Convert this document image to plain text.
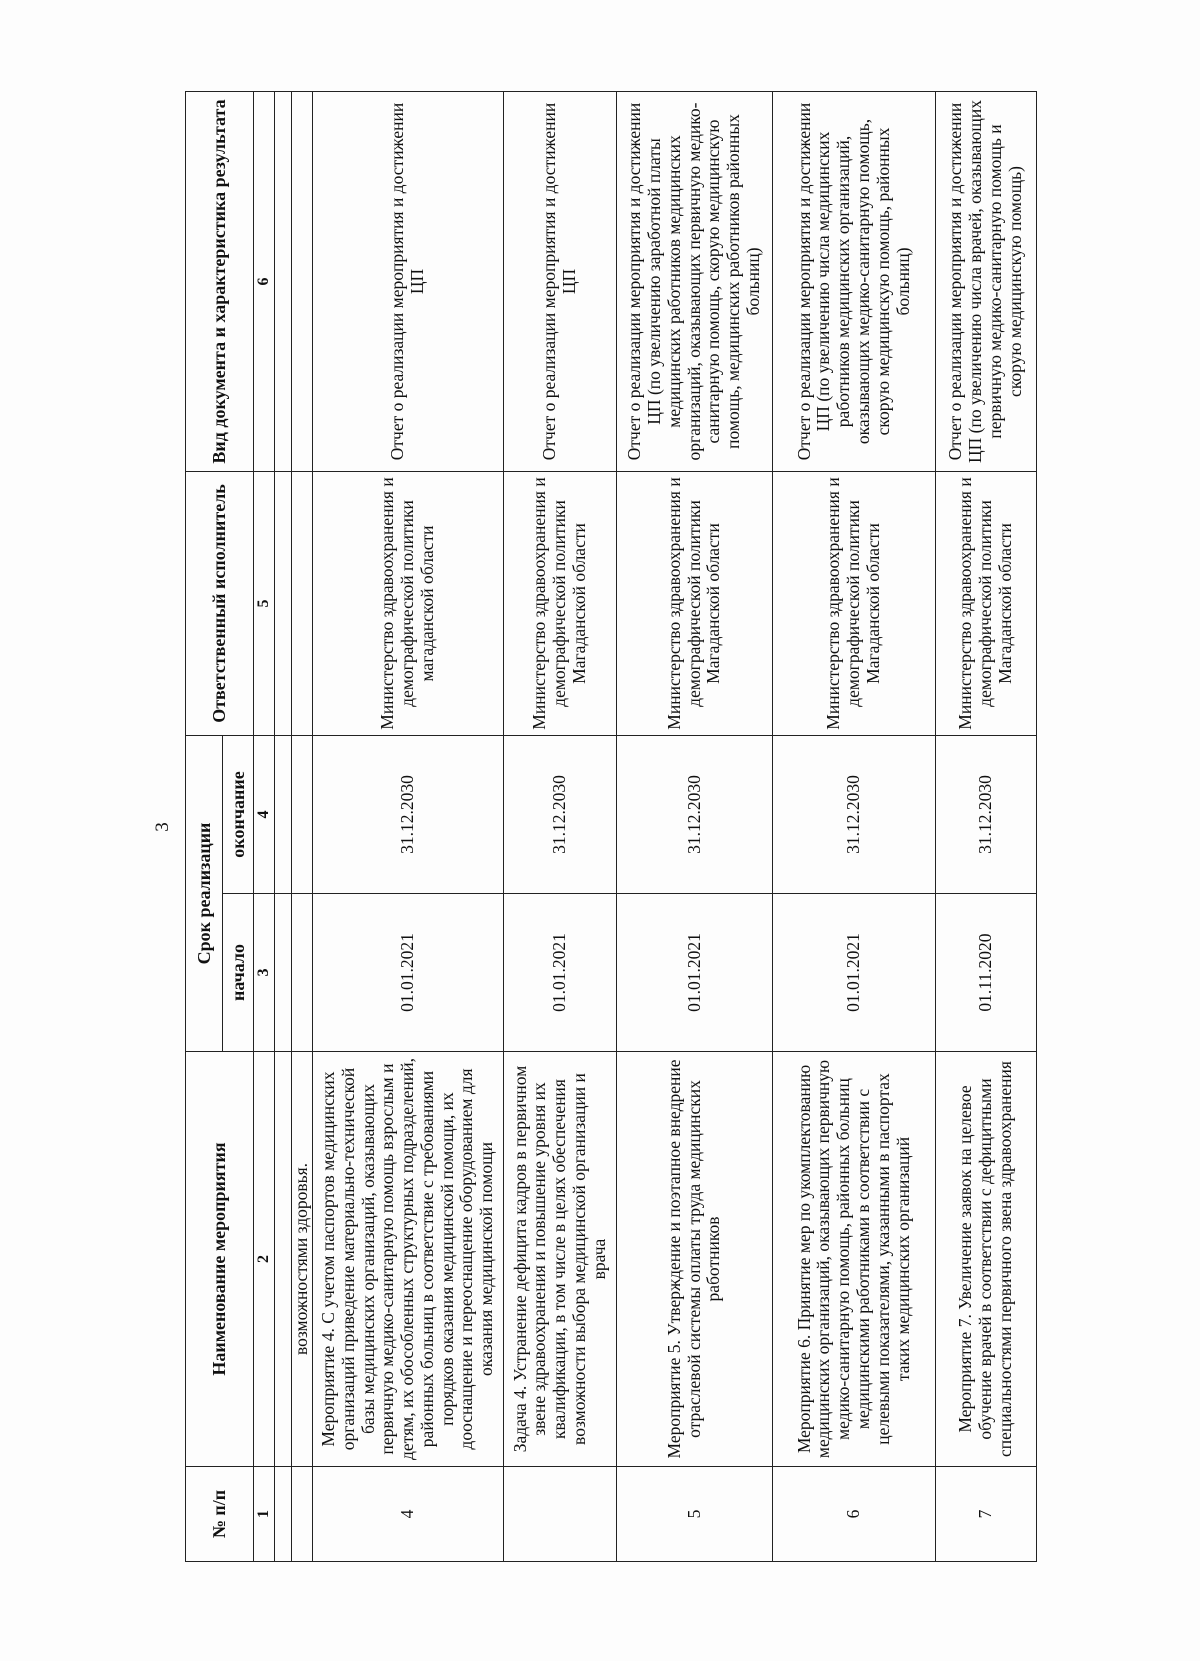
3
№ п/п	Наименование мероприятия	Срок реализации		Ответственный исполнитель	Вид документа и характеристика результата
		начало	окончание		
1	2	3	4	5	6

	возможностями здоровья.				
4	Мероприятие 4. С учетом паспортов медицинских организаций приведение материально-технической базы медицинских организаций, оказывающих первичную медико-санитарную помощь взрослым и детям, их обособленных структурных подразделений, районных больниц в соответствие с требованиями порядков оказания медицинской помощи, их дооснащение и переоснащение оборудованием для оказания медицинской помощи	01.01.2021	31.12.2030	Министерство здравоохранения и демографической политики магаданской области	Отчет о реализации мероприятия и достижении ЦП
	Задача 4. Устранение дефицита кадров в первичном звене здравоохранения и повышение уровня их квалификации, в том числе в целях обеспечения возможности выбора медицинской организации и врача	01.01.2021	31.12.2030	Министерство здравоохранения и демографической политики Магаданской области	Отчет о реализации мероприятия и достижении ЦП
5	Мероприятие 5. Утверждение и поэтапное внедрение отраслевой системы оплаты труда медицинских работников	01.01.2021	31.12.2030	Министерство здравоохранения и демографической политики Магаданской области	Отчет о реализации мероприятия и достижении ЦП (по увеличению заработной платы медицинских работников медицинских организаций, оказывающих первичную медико-санитарную помощь, скорую медицинскую помощь, медицинских работников районных больниц)
6	Мероприятие 6. Принятие мер по укомплектованию медицинских организаций, оказывающих первичную медико-санитарную помощь, районных больниц медицинскими работниками в соответствии с целевыми показателями, указанными в паспортах таких медицинских организаций	01.01.2021	31.12.2030	Министерство здравоохранения и демографической политики Магаданской области	Отчет о реализации мероприятия и достижении ЦП (по увеличению числа медицинских работников медицинских организаций, оказывающих медико-санитарную помощь, скорую медицинскую помощь, районных больниц)
7	Мероприятие 7. Увеличение заявок на целевое обучение врачей в соответствии с дефицитными специальностями первичного звена здравоохранения	01.11.2020	31.12.2030	Министерство здравоохранения и демографической политики Магаданской области	Отчет о реализации мероприятия и достижении ЦП (по увеличению числа врачей, оказывающих первичную медико-санитарную помощь и скорую медицинскую помощь)
